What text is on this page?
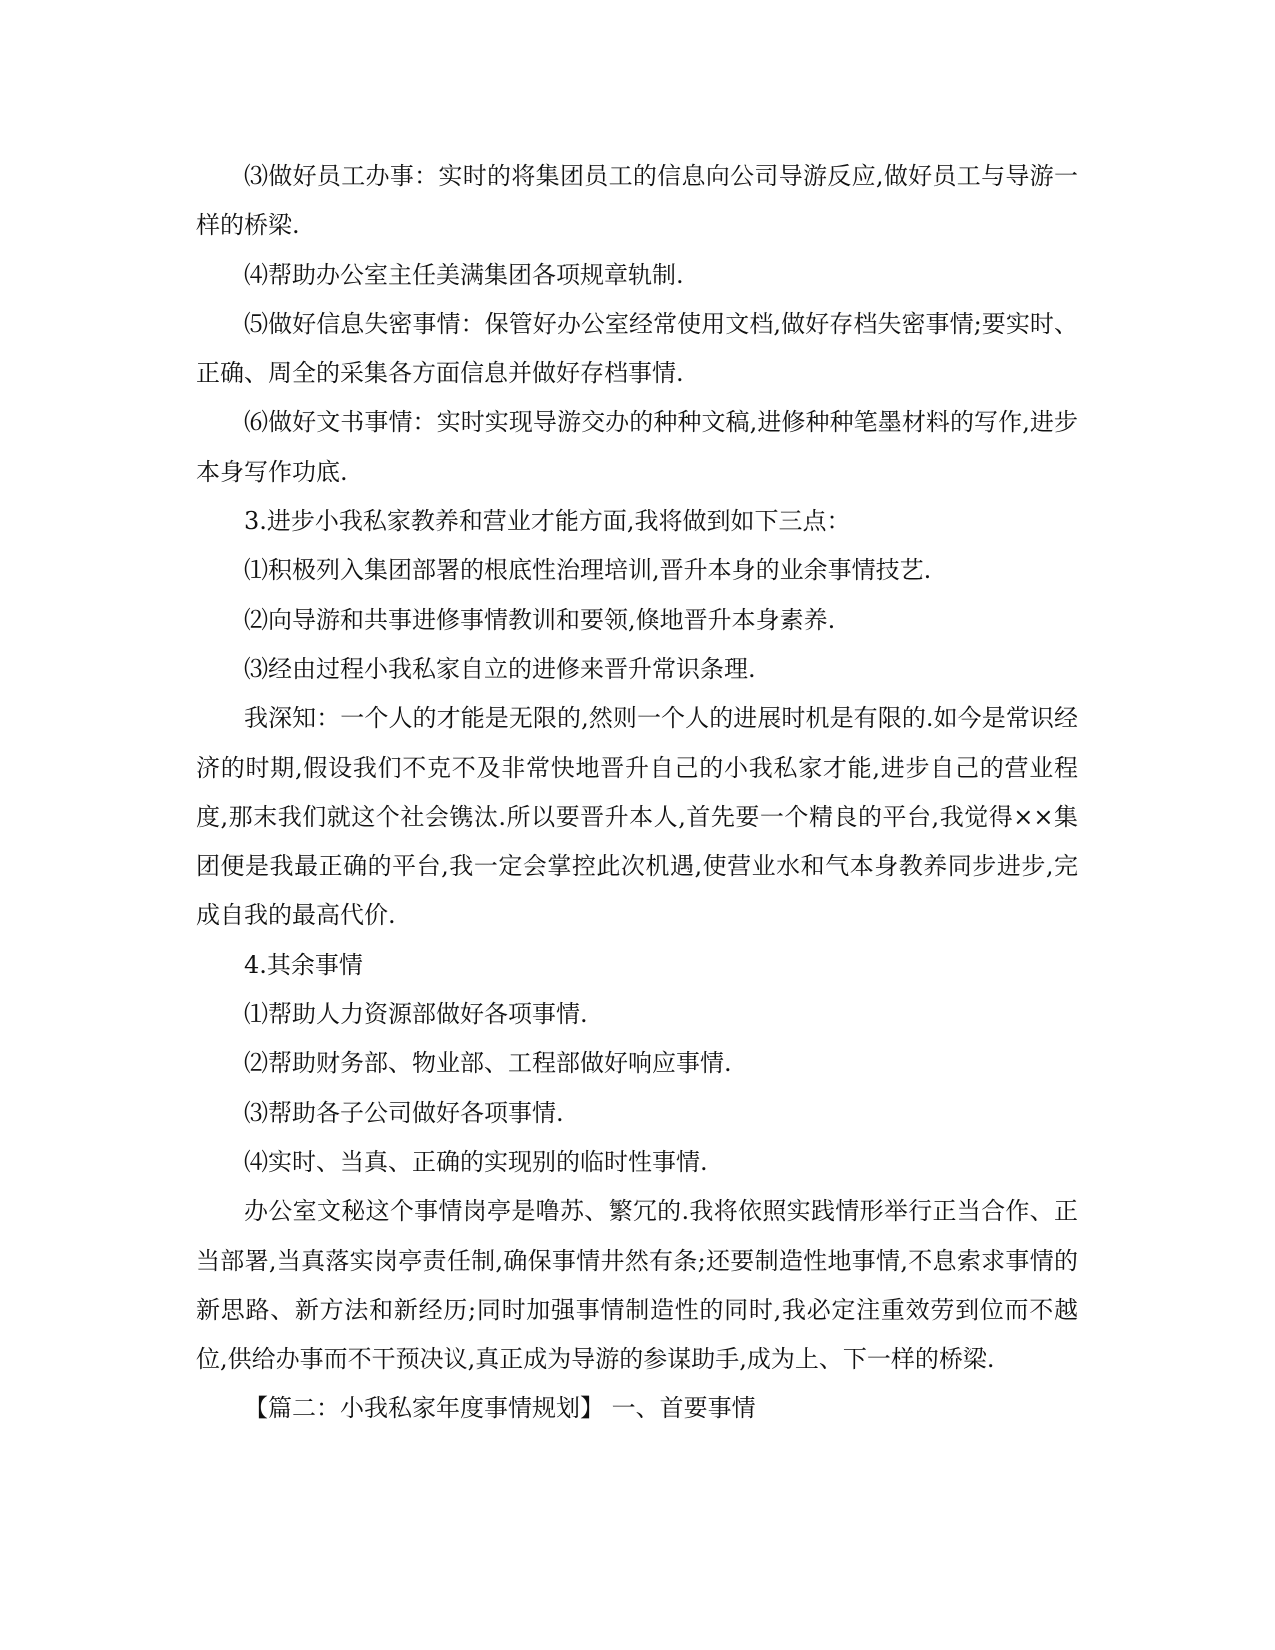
⑶做好员工办事：实时的将集团员工的信息向公司导游反应,做好员工与导游一样的桥梁.

⑷帮助办公室主任美满集团各项规章轨制.

⑸做好信息失密事情：保管好办公室经常使用文档,做好存档失密事情;要实时、正确、周全的采集各方面信息并做好存档事情.

⑹做好文书事情：实时实现导游交办的种种文稿,进修种种笔墨材料的写作,进步本身写作功底.

3.进步小我私家教养和营业才能方面,我将做到如下三点：

⑴积极列入集团部署的根底性治理培训,晋升本身的业余事情技艺.

⑵向导游和共事进修事情教训和要领,倏地晋升本身素养.

⑶经由过程小我私家自立的进修来晋升常识条理.

我深知：一个人的才能是无限的,然则一个人的进展时机是有限的.如今是常识经济的时期,假设我们不克不及非常快地晋升自己的小我私家才能,进步自己的营业程度,那末我们就这个社会镌汰.所以要晋升本人,首先要一个精良的平台,我觉得××集团便是我最正确的平台,我一定会掌控此次机遇,使营业水和气本身教养同步进步,完成自我的最高代价.

4.其余事情

⑴帮助人力资源部做好各项事情.

⑵帮助财务部、物业部、工程部做好响应事情.

⑶帮助各子公司做好各项事情.

⑷实时、当真、正确的实现别的临时性事情.

办公室文秘这个事情岗亭是噜苏、繁冗的.我将依照实践情形举行正当合作、正当部署,当真落实岗亭责任制,确保事情井然有条;还要制造性地事情,不息索求事情的新思路、新方法和新经历;同时加强事情制造性的同时,我必定注重效劳到位而不越位,供给办事而不干预决议,真正成为导游的参谋助手,成为上、下一样的桥梁.

【篇二：小我私家年度事情规划】 一、首要事情
